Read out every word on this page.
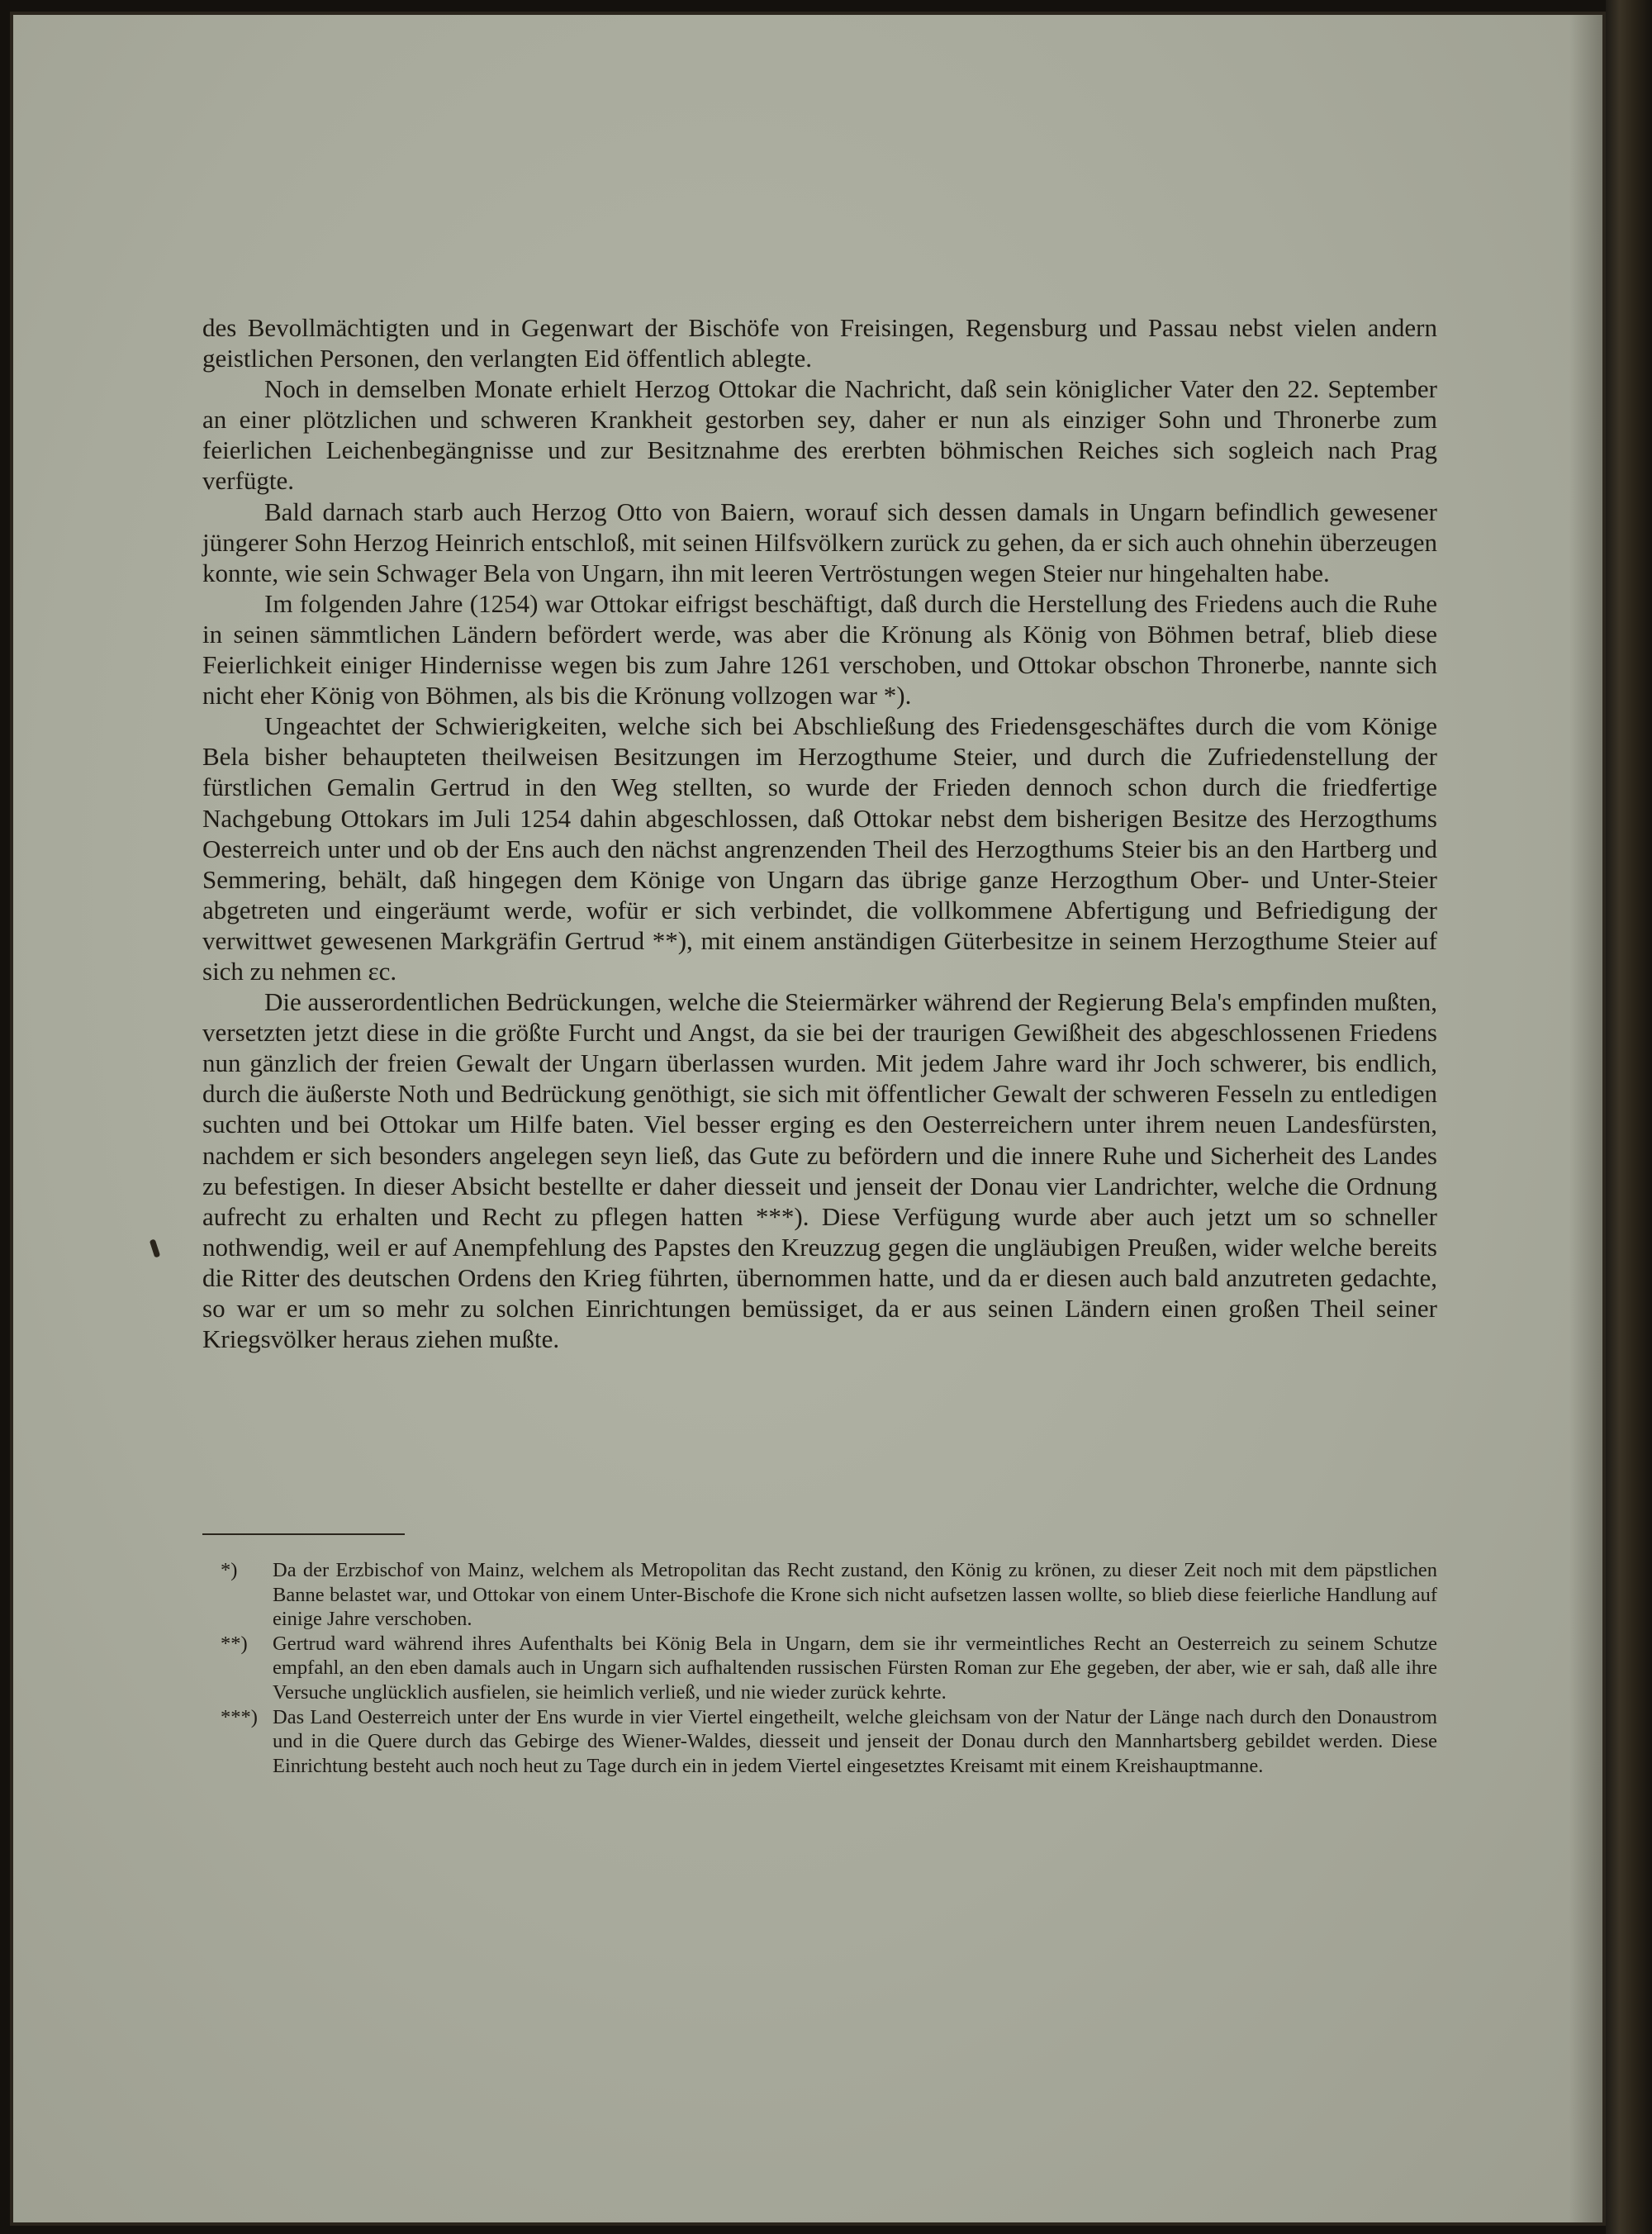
des Bevollmächtigten und in Gegenwart der Bischöfe von Freisingen, Regensburg und Passau nebst vielen andern geistlichen Personen, den verlangten Eid öffentlich ablegte.

Noch in demselben Monate erhielt Herzog Ottokar die Nachricht, daß sein königlicher Vater den 22. September an einer plötzlichen und schweren Krankheit gestorben sey, daher er nun als einziger Sohn und Thronerbe zum feierlichen Leichenbegängnisse und zur Besitznahme des ererbten böhmischen Reiches sich sogleich nach Prag verfügte.

Bald darnach starb auch Herzog Otto von Baiern, worauf sich dessen damals in Ungarn befindlich gewesener jüngerer Sohn Herzog Heinrich entschloß, mit seinen Hilfsvölkern zurück zu gehen, da er sich auch ohnehin überzeugen konnte, wie sein Schwager Bela von Ungarn, ihn mit leeren Vertröstungen wegen Steier nur hingehalten habe.

Im folgenden Jahre (1254) war Ottokar eifrigst beschäftigt, daß durch die Herstellung des Friedens auch die Ruhe in seinen sämmtlichen Ländern befördert werde, was aber die Krönung als König von Böhmen betraf, blieb diese Feierlichkeit einiger Hindernisse wegen bis zum Jahre 1261 verschoben, und Ottokar obschon Thronerbe, nannte sich nicht eher König von Böhmen, als bis die Krönung vollzogen war *).

Ungeachtet der Schwierigkeiten, welche sich bei Abschließung des Friedensgeschäftes durch die vom Könige Bela bisher behaupteten theilweisen Besitzungen im Herzogthume Steier, und durch die Zufriedenstellung der fürstlichen Gemalin Gertrud in den Weg stellten, so wurde der Frieden dennoch schon durch die friedfertige Nachgebung Ottokars im Juli 1254 dahin abgeschlossen, daß Ottokar nebst dem bisherigen Besitze des Herzogthums Oesterreich unter und ob der Ens auch den nächst angrenzenden Theil des Herzogthums Steier bis an den Hartberg und Semmering, behält, daß hingegen dem Könige von Ungarn das übrige ganze Herzogthum Ober- und Unter-Steier abgetreten und eingeräumt werde, wofür er sich verbindet, die vollkommene Abfertigung und Befriedigung der verwittwet gewesenen Markgräfin Gertrud **), mit einem anständigen Güterbesitze in seinem Herzogthume Steier auf sich zu nehmen ɛc.

Die ausserordentlichen Bedrückungen, welche die Steiermärker während der Regierung Bela's empfinden mußten, versetzten jetzt diese in die größte Furcht und Angst, da sie bei der traurigen Gewißheit des abgeschlossenen Friedens nun gänzlich der freien Gewalt der Ungarn überlassen wurden. Mit jedem Jahre ward ihr Joch schwerer, bis endlich, durch die äußerste Noth und Bedrückung genöthigt, sie sich mit öffentlicher Gewalt der schweren Fesseln zu entledigen suchten und bei Ottokar um Hilfe baten. Viel besser erging es den Oesterreichern unter ihrem neuen Landesfürsten, nachdem er sich besonders angelegen seyn ließ, das Gute zu befördern und die innere Ruhe und Sicherheit des Landes zu befestigen. In dieser Absicht bestellte er daher diesseit und jenseit der Donau vier Landrichter, welche die Ordnung aufrecht zu erhalten und Recht zu pflegen hatten ***). Diese Verfügung wurde aber auch jetzt um so schneller nothwendig, weil er auf Anempfehlung des Papstes den Kreuzzug gegen die ungläubigen Preußen, wider welche bereits die Ritter des deutschen Ordens den Krieg führten, übernommen hatte, und da er diesen auch bald anzutreten gedachte, so war er um so mehr zu solchen Einrichtungen bemüssiget, da er aus seinen Ländern einen großen Theil seiner Kriegsvölker heraus ziehen mußte.

*) Da der Erzbischof von Mainz, welchem als Metropolitan das Recht zustand, den König zu krönen, zu dieser Zeit noch mit dem päpstlichen Banne belastet war, und Ottokar von einem Unter-Bischofe die Krone sich nicht aufsetzen lassen wollte, so blieb diese feierliche Handlung auf einige Jahre verschoben.

**) Gertrud ward während ihres Aufenthalts bei König Bela in Ungarn, dem sie ihr vermeintliches Recht an Oesterreich zu seinem Schutze empfahl, an den eben damals auch in Ungarn sich aufhaltenden russischen Fürsten Roman zur Ehe gegeben, der aber, wie er sah, daß alle ihre Versuche unglücklich ausfielen, sie heimlich verließ, und nie wieder zurück kehrte.

***) Das Land Oesterreich unter der Ens wurde in vier Viertel eingetheilt, welche gleichsam von der Natur der Länge nach durch den Donaustrom und in die Quere durch das Gebirge des Wiener-Waldes, diesseit und jenseit der Donau durch den Mannhartsberg gebildet werden. Diese Einrichtung besteht auch noch heut zu Tage durch ein in jedem Viertel eingesetztes Kreisamt mit einem Kreishauptmanne.
